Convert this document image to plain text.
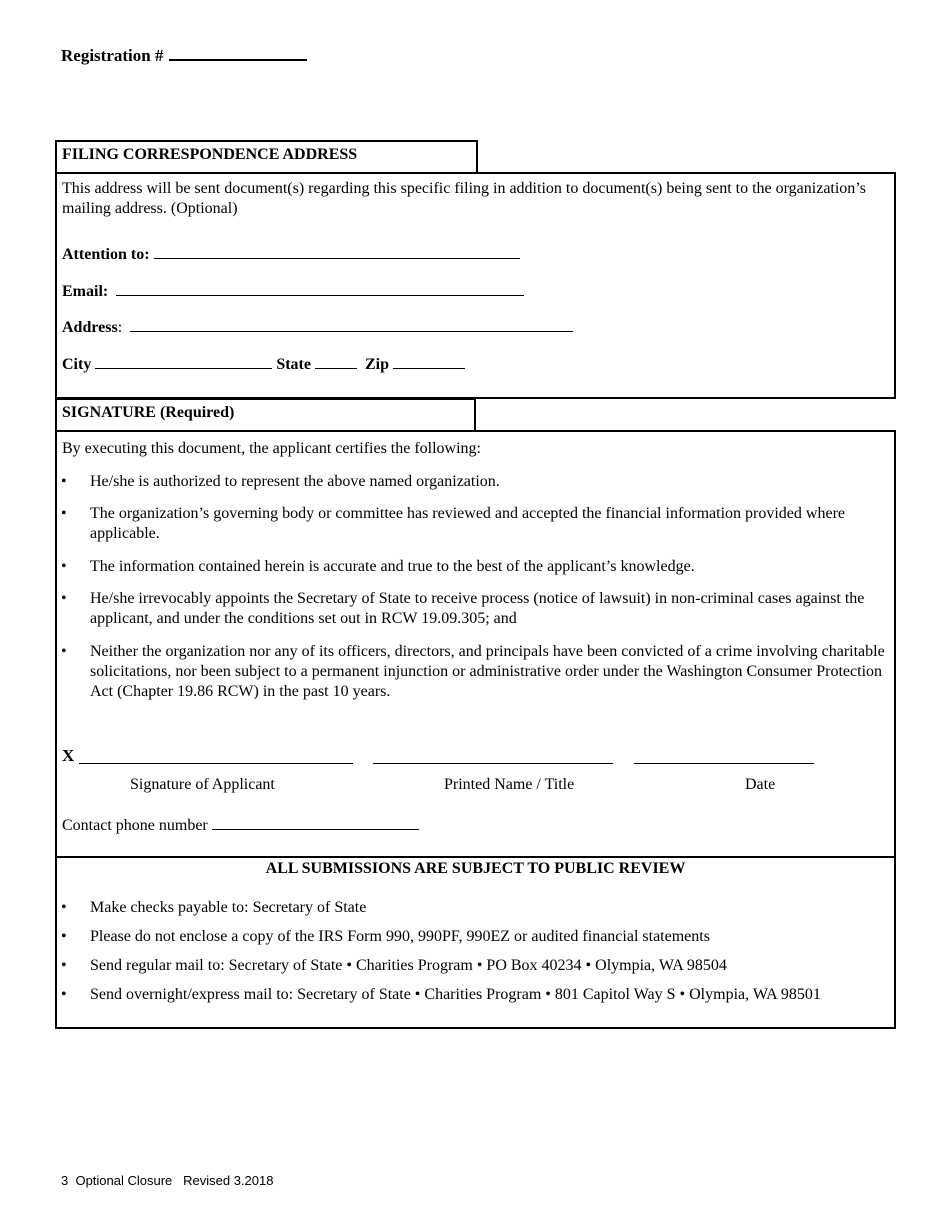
Registration #
FILING CORRESPONDENCE ADDRESS
This address will be sent document(s) regarding this specific filing in addition to document(s) being sent to the organization’s mailing address. (Optional)
Attention to:
Email:
Address:
City	State	Zip
SIGNATURE (Required)
By executing this document, the applicant certifies the following:
• He/she is authorized to represent the above named organization.
• The organization’s governing body or committee has reviewed and accepted the financial information provided where applicable.
• The information contained herein is accurate and true to the best of the applicant’s knowledge.
• He/she irrevocably appoints the Secretary of State to receive process (notice of lawsuit) in non-criminal cases against the applicant, and under the conditions set out in RCW 19.09.305; and
• Neither the organization nor any of its officers, directors, and principals have been convicted of a crime involving charitable solicitations, nor been subject to a permanent injunction or administrative order under the Washington Consumer Protection Act (Chapter 19.86 RCW) in the past 10 years.
X
Signature of Applicant	Printed Name / Title	Date
Contact phone number
ALL SUBMISSIONS ARE SUBJECT TO PUBLIC REVIEW
• Make checks payable to: Secretary of State
• Please do not enclose a copy of the IRS Form 990, 990PF, 990EZ or audited financial statements
• Send regular mail to: Secretary of State • Charities Program • PO Box 40234 • Olympia, WA 98504
• Send overnight/express mail to: Secretary of State • Charities Program • 801 Capitol Way S • Olympia, WA 98501
3  Optional Closure   Revised 3.2018
